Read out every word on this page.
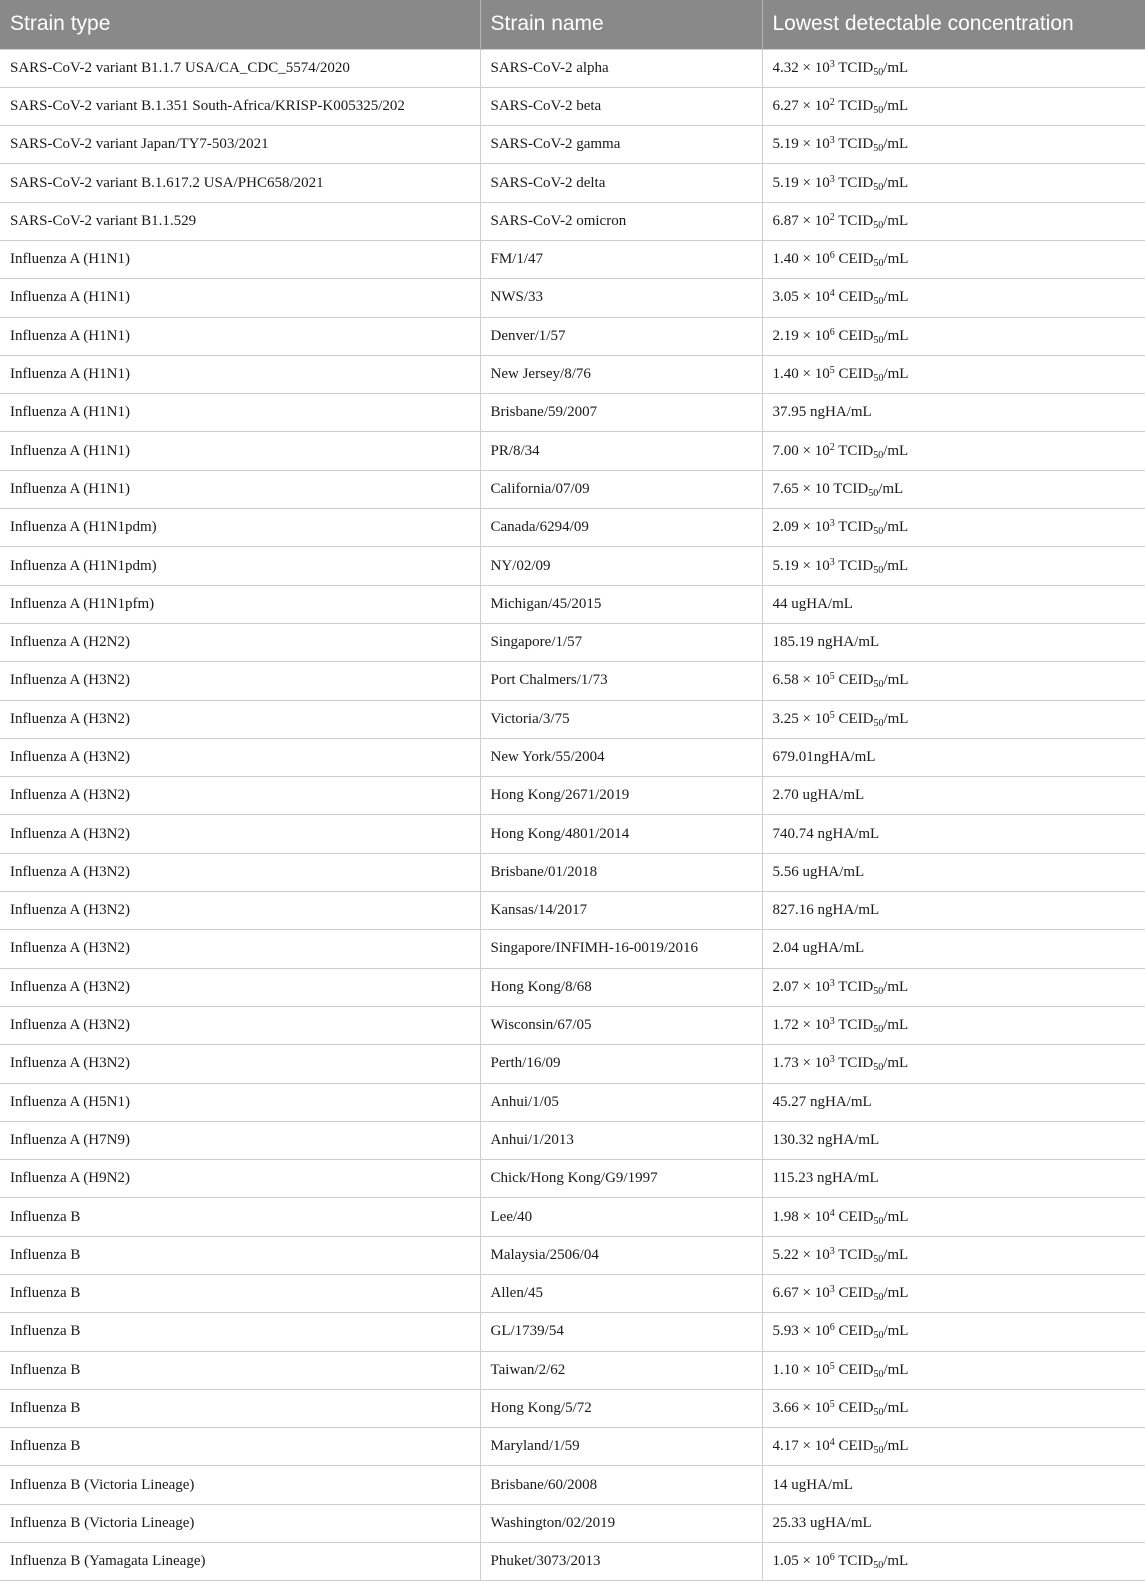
Strain type	Strain name	Lowest detectable concentration
SARS-CoV-2 variant B1.1.7 USA/CA_CDC_5574/2020	SARS-CoV-2 alpha	$4.32 \times 10^3$ $TCID_{50}/mL$
SARS-CoV-2 variant B.1.351 South-Africa/KRISP-K005325/202	SARS-CoV-2 beta	$6.27 \times 10^2$ $TCID_{50}/mL$
SARS-CoV-2 variant Japan/TY7-503/2021	SARS-CoV-2 gamma	$5.19 \times 10^3$ $TCID_{50}/mL$
SARS-CoV-2 variant B.1.617.2 USA/PHC658/2021	SARS-CoV-2 delta	$5.19 \times 10^3$ $TCID_{50}/mL$
SARS-CoV-2 variant B1.1.529	SARS-CoV-2 omicron	$6.87 \times 10^2$ $TCID_{50}/mL$
Influenza A (H1N1)	FM/1/47	$1.40 \times 10^6$ $CEID_{50}/mL$
Influenza A (H1N1)	NWS/33	$3.05 \times 10^4$ $CEID_{50}/mL$
Influenza A (H1N1)	Denver/1/57	$2.19 \times 10^6$ $CEID_{50}/mL$
Influenza A (H1N1)	New Jersey/8/76	$1.40 \times 10^5$ $CEID_{50}/mL$
Influenza A (H1N1)	Brisbane/59/2007	37.95 ngHA/mL
Influenza A (H1N1)	PR/8/34	$7.00 \times 10^2$ $TCID_{50}/mL$
Influenza A (H1N1)	California/07/09	7.65 × 10 $TCID_{50}/mL$
Influenza A (H1N1pdm)	Canada/6294/09	$2.09 \times 10^3$ $TCID_{50}/mL$
Influenza A (H1N1pdm)	NY/02/09	$5.19 \times 10^3$ $TCID_{50}/mL$
Influenza A (H1N1pfm)	Michigan/45/2015	44 ugHA/mL
Influenza A (H2N2)	Singapore/1/57	185.19 ngHA/mL
Influenza A (H3N2)	Port Chalmers/1/73	$6.58 \times 10^5$ $CEID_{50}/mL$
Influenza A (H3N2)	Victoria/3/75	$3.25 \times 10^5$ $CEID_{50}/mL$
Influenza A (H3N2)	New York/55/2004	679.01ngHA/mL
Influenza A (H3N2)	Hong Kong/2671/2019	2.70 ugHA/mL
Influenza A (H3N2)	Hong Kong/4801/2014	740.74 ngHA/mL
Influenza A (H3N2)	Brisbane/01/2018	5.56 ugHA/mL
Influenza A (H3N2)	Kansas/14/2017	827.16 ngHA/mL
Influenza A (H3N2)	Singapore/INFIMH-16-0019/2016	2.04 ugHA/mL
Influenza A (H3N2)	Hong Kong/8/68	$2.07 \times 10^3$ $TCID_{50}/mL$
Influenza A (H3N2)	Wisconsin/67/05	$1.72 \times 10^3$ $TCID_{50}/mL$
Influenza A (H3N2)	Perth/16/09	$1.73 \times 10^3$ $TCID_{50}/mL$
Influenza A (H5N1)	Anhui/1/05	45.27 ngHA/mL
Influenza A (H7N9)	Anhui/1/2013	130.32 ngHA/mL
Influenza A (H9N2)	Chick/Hong Kong/G9/1997	115.23 ngHA/mL
Influenza B	Lee/40	$1.98 \times 10^4$ $CEID_{50}/mL$
Influenza B	Malaysia/2506/04	$5.22 \times 10^3$ $TCID_{50}/mL$
Influenza B	Allen/45	$6.67 \times 10^3$ $CEID_{50}/mL$
Influenza B	GL/1739/54	$5.93 \times 10^6$ $CEID_{50}/mL$
Influenza B	Taiwan/2/62	$1.10 \times 10^5$ $CEID_{50}/mL$
Influenza B	Hong Kong/5/72	$3.66 \times 10^5$ $CEID_{50}/mL$
Influenza B	Maryland/1/59	$4.17 \times 10^4$ $CEID_{50}/mL$
Influenza B (Victoria Lineage)	Brisbane/60/2008	14 ugHA/mL
Influenza B (Victoria Lineage)	Washington/02/2019	25.33 ugHA/mL
Influenza B (Yamagata Lineage)	Phuket/3073/2013	$1.05 \times 10^6$ $TCID_{50}/mL$
